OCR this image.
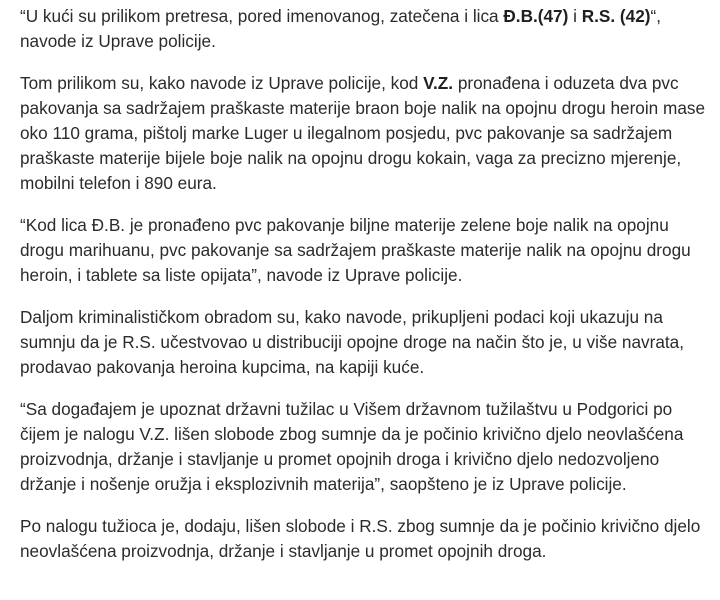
“U kući su prilikom pretresa, pored imenovanog, zatečena i lica Đ.B.(47) i R.S. (42)“, navode iz Uprave policije.

Tom prilikom su, kako navode iz Uprave policije, kod V.Z. pronađena i oduzeta dva pvc pakovanja sa sadržajem praškaste materije braon boje nalik na opojnu drogu heroin mase oko 110 grama, pištolj marke Luger u ilegalnom posjedu, pvc pakovanje sa sadržajem praškaste materije bijele boje nalik na opojnu drogu kokain, vaga za precizno mjerenje, mobilni telefon i 890 eura.

“Kod lica Đ.B. je pronađeno pvc pakovanje biljne materije zelene boje nalik na opojnu drogu marihuanu, pvc pakovanje sa sadržajem praškaste materije nalik na opojnu drogu heroin, i tablete sa liste opijata”, navode iz Uprave policije.

Daljom kriminalističkom obradom su, kako navode, prikupljeni podaci koji ukazuju na sumnju da je R.S. učestvovao u distribuciji opojne droge na način što je, u više navrata, prodavao pakovanja heroina kupcima, na kapiji kuće.

“Sa događajem je upoznat državni tužilac u Višem državnom tužilaštvu u Podgorici po čijem je nalogu V.Z. lišen slobode zbog sumnje da je počinio krivično djelo neovlašćena proizvodnja, držanje i stavljanje u promet opojnih droga i krivično djelo nedozvoljeno držanje i nošenje oružja i eksplozivnih materija”, saopšteno je iz Uprave policije.

Po nalogu tužioca je, dodaju, lišen slobode i R.S. zbog sumnje da je počinio krivično djelo neovlašćena proizvodnja, držanje i stavljanje u promet opojnih droga.
